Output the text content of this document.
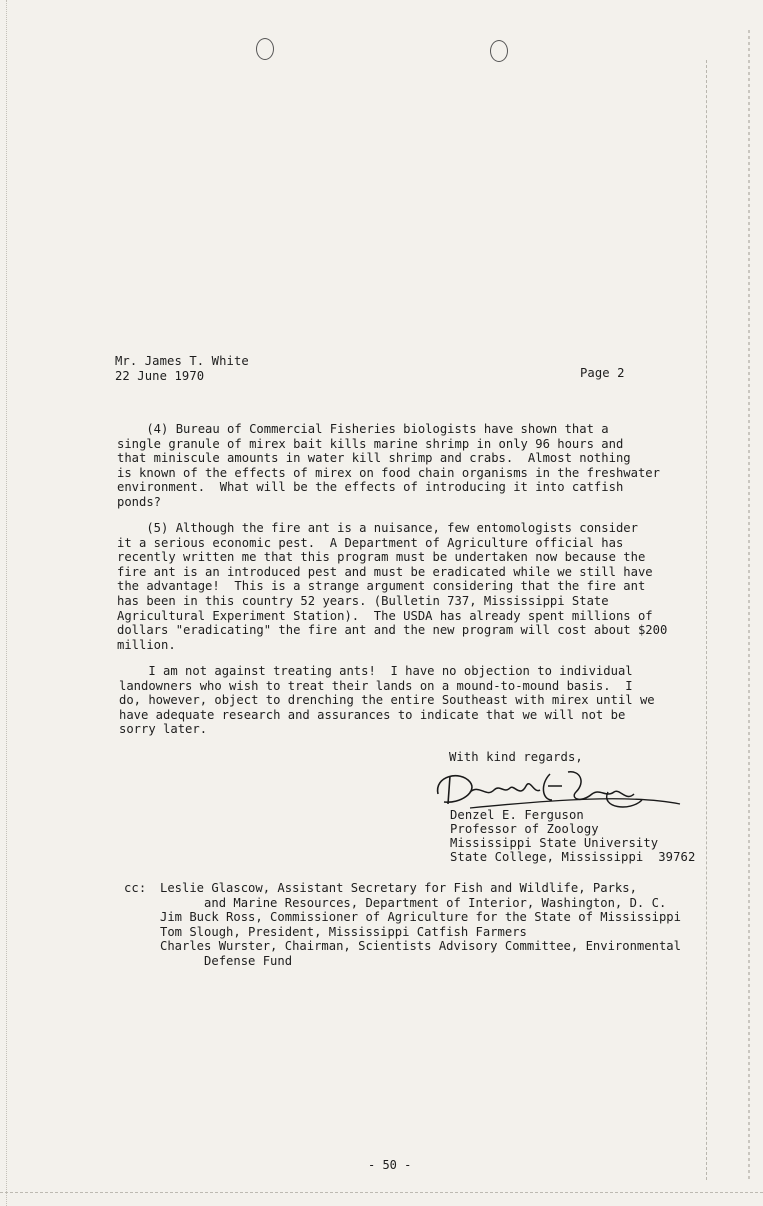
Mr. James T. White
22 June 1970	Page 2
(4) Bureau of Commercial Fisheries biologists have shown that a
single granule of mirex bait kills marine shrimp in only 96 hours and
that miniscule amounts in water kill shrimp and crabs.  Almost nothing
is known of the effects of mirex on food chain organisms in the freshwater
environment.  What will be the effects of introducing it into catfish
ponds?
(5) Although the fire ant is a nuisance, few entomologists consider
it a serious economic pest.  A Department of Agriculture official has
recently written me that this program must be undertaken now because the
fire ant is an introduced pest and must be eradicated while we still have
the advantage!  This is a strange argument considering that the fire ant
has been in this country 52 years. (Bulletin 737, Mississippi State
Agricultural Experiment Station).  The USDA has already spent millions of
dollars "eradicating" the fire ant and the new program will cost about $200
million.
I am not against treating ants!  I have no objection to individual
landowners who wish to treat their lands on a mound-to-mound basis.  I
do, however, object to drenching the entire Southeast with mirex until we
have adequate research and assurances to indicate that we will not be
sorry later.
With kind regards,
Denzel E. Ferguson
Professor of Zoology
Mississippi State University
State College, Mississippi  39762
cc: Leslie Glascow, Assistant Secretary for Fish and Wildlife, Parks,
and Marine Resources, Department of Interior, Washington, D. C.
Jim Buck Ross, Commissioner of Agriculture for the State of Mississippi
Tom Slough, President, Mississippi Catfish Farmers
Charles Wurster, Chairman, Scientists Advisory Committee, Environmental
Defense Fund
- 50 -
